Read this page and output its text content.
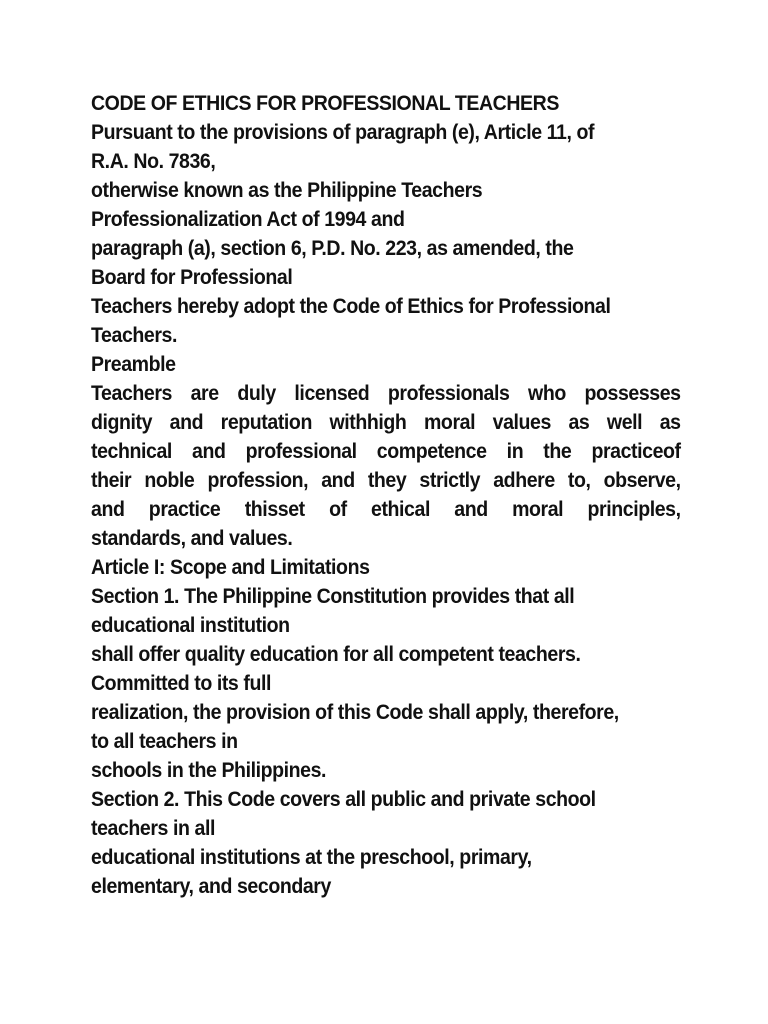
CODE OF ETHICS FOR PROFESSIONAL TEACHERS
Pursuant to the provisions of paragraph (e), Article 11, of
R.A. No. 7836,
otherwise known as the Philippine Teachers
Professionalization Act of 1994 and
paragraph (a), section 6, P.D. No. 223, as amended, the
Board for Professional
Teachers hereby adopt the Code of Ethics for Professional
Teachers.
Preamble
Teachers are duly licensed professionals who possesses
dignity and reputation withhigh moral values as well as
technical and professional competence in the practiceof
their noble profession, and they strictly adhere to, observe,
and practice thisset of ethical and moral principles,
standards, and values.
Article I: Scope and Limitations
Section 1. The Philippine Constitution provides that all
educational institution
shall offer quality education for all competent teachers.
Committed to its full
realization, the provision of this Code shall apply, therefore,
to all teachers in
schools in the Philippines.
Section 2. This Code covers all public and private school
teachers in all
educational institutions at the preschool, primary,
elementary, and secondary
